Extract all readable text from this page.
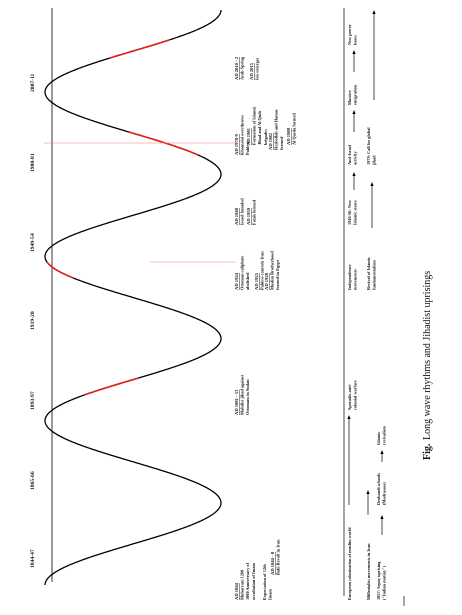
1844-47
1865-66
1893-97
1919-20
1949-54
1980-81
2007-11
AD 1844 Muharram 1260 1000 Anniversary of occultation of Imam Expectation of 12th Imam
AD 1844 - 8 Babi Revolt in Iran
AD 1881 - 53 Mahdist jihad against Ottomans in Sudan
AD 1924 Ottoman caliphate abolished AD 1925 Pahlevi controls Iran AD 1928 Muslim Brotherhood formed in Egypt
AD 1948 Israel founded AD 1959 Fatah formed
AD 1978-9 Khomeini overthrows Pahlevi
AD 1981 Formation of Islamic Jihad and Al Quds brigades AD 1982 Hezbollah and Hamas formed AD 1988 Al Qaeda formed
AD 2010 - 2 Arab Spring AD 2015 Isis emerges
European colonization of muslim world
Sporadic anti- colonial warfare
Independence movements
1946-56: New Islamic states
Anti-Israel activity
Massive emigration
New power bases
Millenialist movements in Iran 1857: Sepoy uprising ("Indian mutiny")
Deobandi schools (Madrassas)
Islamic revivalism
Revival of Islamic fundamentalism
1979: Call for global jihad
Fig.
Long wave rhythms and Jihadist uprisings
